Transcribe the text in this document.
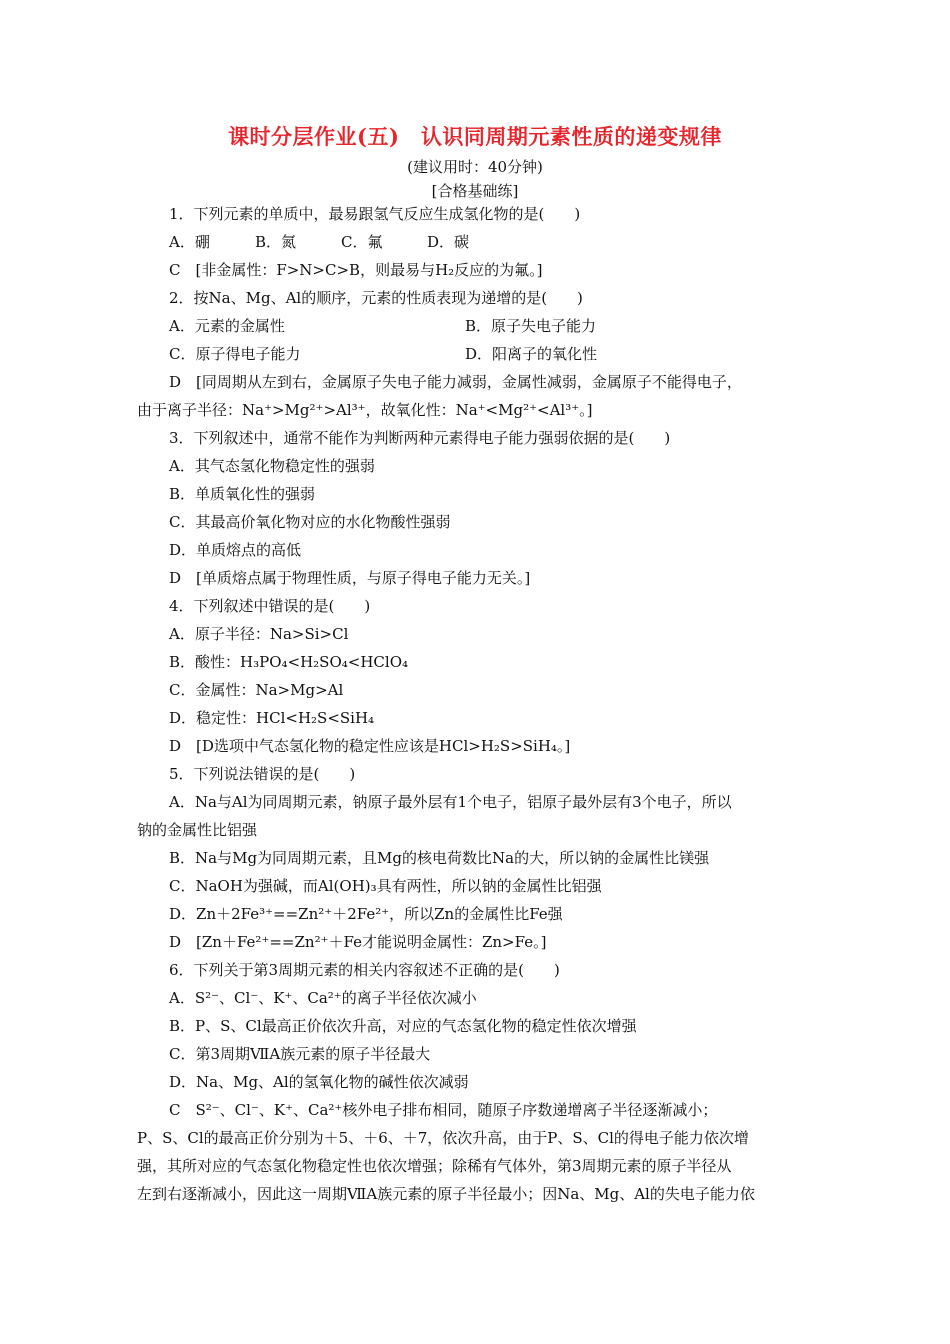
课时分层作业(五)　认识同周期元素性质的递变规律
(建议用时：40分钟)
[合格基础练]

1．下列元素的单质中，最易跟氢气反应生成氢化物的是(　　)

A．硼	B．氮	C．氟	D．碳

C　[非金属性：F>N>C>B，则最易与H₂反应的为氟。]

2．按Na、Mg、Al的顺序，元素的性质表现为递增的是(　　)

A．元素的金属性	B．原子失电子能力

C．原子得电子能力	D．阳离子的氧化性

D　[同周期从左到右，金属原子失电子能力减弱，金属性减弱，金属原子不能得电子，

由于离子半径：Na⁺>Mg²⁺>Al³⁺，故氧化性：Na⁺<Mg²⁺<Al³⁺。]

3．下列叙述中，通常不能作为判断两种元素得电子能力强弱依据的是(　　)

A．其气态氢化物稳定性的强弱

B．单质氧化性的强弱

C．其最高价氧化物对应的水化物酸性强弱

D．单质熔点的高低

D　[单质熔点属于物理性质，与原子得电子能力无关。]

4．下列叙述中错误的是(　　)

A．原子半径：Na>Si>Cl

B．酸性：H₃PO₄<H₂SO₄<HClO₄

C．金属性：Na>Mg>Al

D．稳定性：HCl<H₂S<SiH₄

D　[D选项中气态氢化物的稳定性应该是HCl>H₂S>SiH₄。]

5．下列说法错误的是(　　)

A．Na与Al为同周期元素，钠原子最外层有1个电子，铝原子最外层有3个电子，所以

钠的金属性比铝强

B．Na与Mg为同周期元素，且Mg的核电荷数比Na的大，所以钠的金属性比镁强

C．NaOH为强碱，而Al(OH)₃具有两性，所以钠的金属性比铝强

D．Zn＋2Fe³⁺==Zn²⁺＋2Fe²⁺，所以Zn的金属性比Fe强

D　[Zn＋Fe²⁺==Zn²⁺＋Fe才能说明金属性：Zn>Fe。]

6．下列关于第3周期元素的相关内容叙述不正确的是(　　)

A．S²⁻、Cl⁻、K⁺、Ca²⁺的离子半径依次减小

B．P、S、Cl最高正价依次升高，对应的气态氢化物的稳定性依次增强

C．第3周期ⅦA族元素的原子半径最大

D．Na、Mg、Al的氢氧化物的碱性依次减弱

C　S²⁻、Cl⁻、K⁺、Ca²⁺核外电子排布相同，随原子序数递增离子半径逐渐减小；

P、S、Cl的最高正价分别为＋5、＋6、＋7，依次升高，由于P、S、Cl的得电子能力依次增

强，其所对应的气态氢化物稳定性也依次增强；除稀有气体外，第3周期元素的原子半径从

左到右逐渐减小，因此这一周期ⅦA族元素的原子半径最小；因Na、Mg、Al的失电子能力依
